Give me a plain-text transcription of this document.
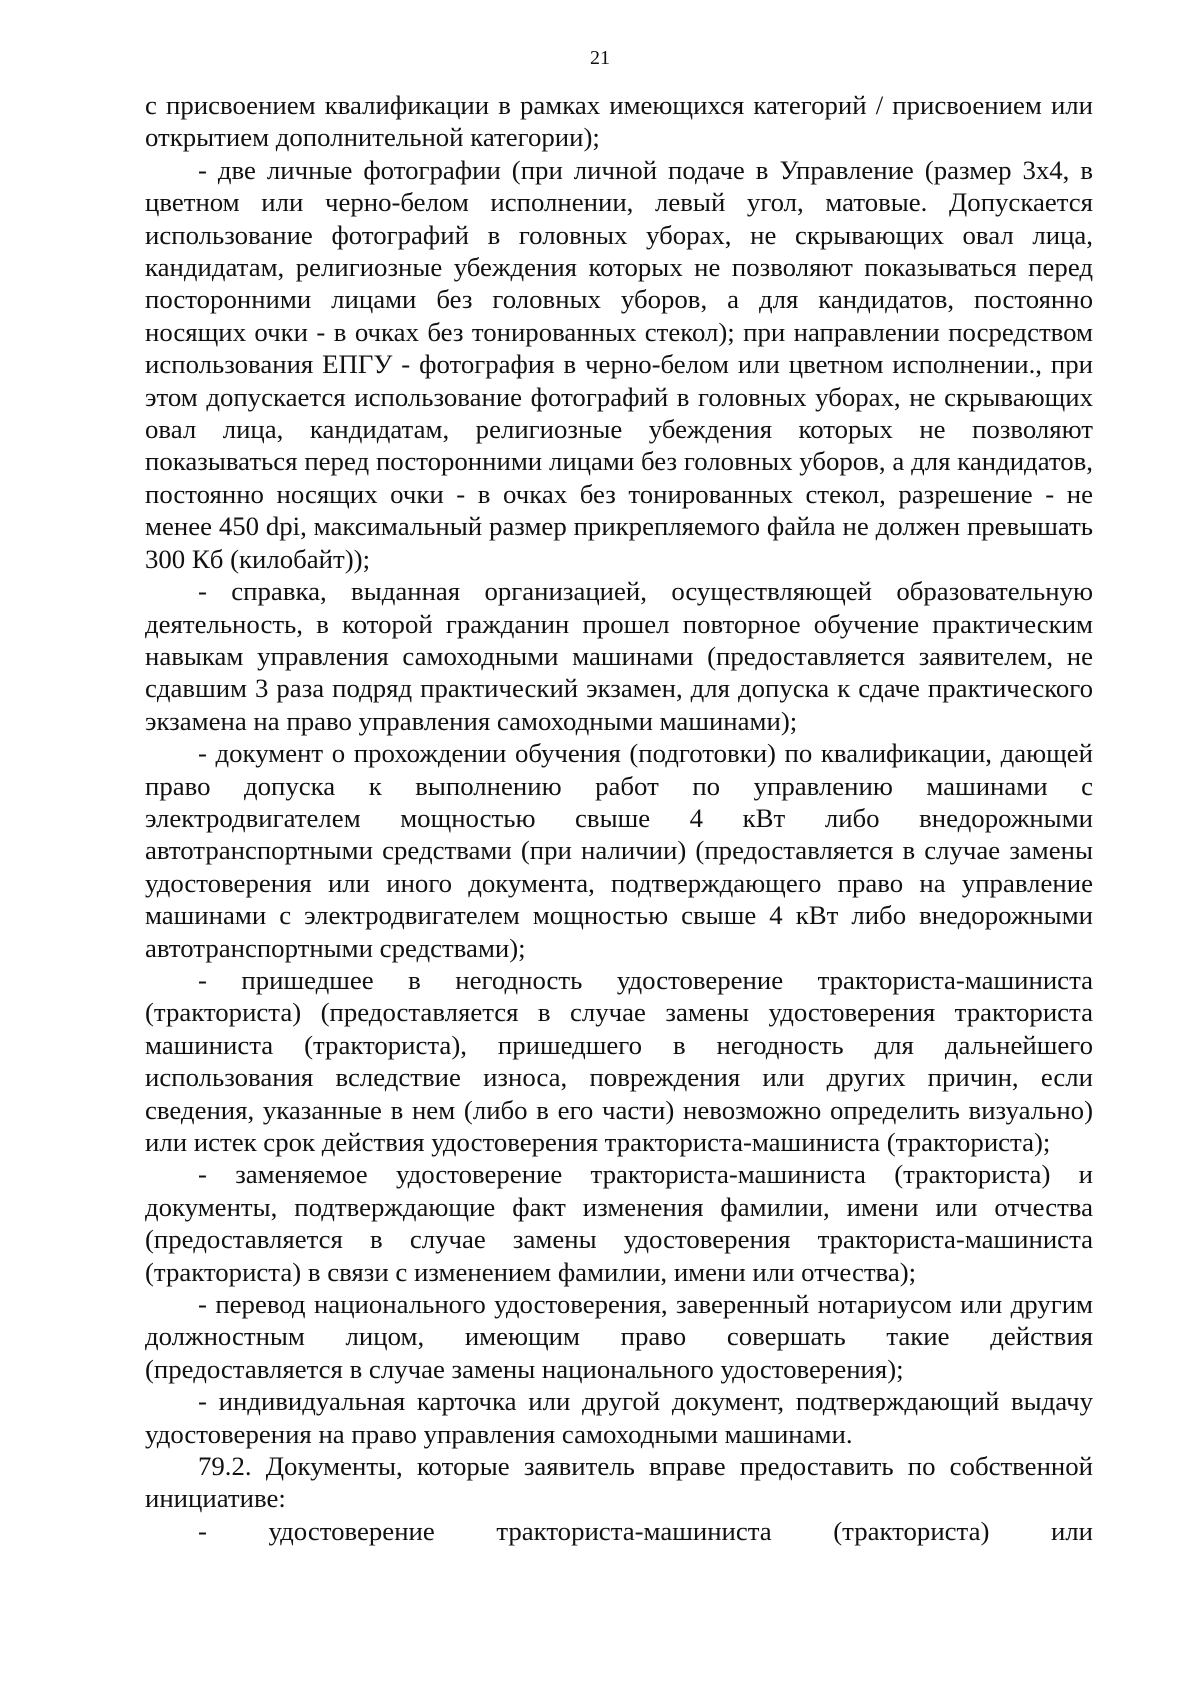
21

с присвоением квалификации в рамках имеющихся категорий / присвоением или открытием дополнительной категории);

- две личные фотографии (при личной подаче в Управление (размер 3x4, в цветном или черно-белом исполнении, левый угол, матовые. Допускается использование фотографий в головных уборах, не скрывающих овал лица, кандидатам, религиозные убеждения которых не позволяют показываться перед посторонними лицами без головных уборов, а для кандидатов, постоянно носящих очки - в очках без тонированных стекол); при направлении посредством использования ЕПГУ - фотография в черно-белом или цветном исполнении., при этом допускается использование фотографий в головных уборах, не скрывающих овал лица, кандидатам, религиозные убеждения которых не позволяют показываться перед посторонними лицами без головных уборов, а для кандидатов, постоянно носящих очки - в очках без тонированных стекол, разрешение - не менее 450 dpi, максимальный размер прикрепляемого файла не должен превышать 300 Кб (килобайт));

- справка, выданная организацией, осуществляющей образовательную деятельность, в которой гражданин прошел повторное обучение практическим навыкам управления самоходными машинами (предоставляется заявителем, не сдавшим 3 раза подряд практический экзамен, для допуска к сдаче практического экзамена на право управления самоходными машинами);

- документ о прохождении обучения (подготовки) по квалификации, дающей право допуска к выполнению работ по управлению машинами с электродвигателем мощностью свыше 4 кВт либо внедорожными автотранспортными средствами (при наличии) (предоставляется в случае замены удостоверения или иного документа, подтверждающего право на управление машинами с электродвигателем мощностью свыше 4 кВт либо внедорожными автотранспортными средствами);

- пришедшее в негодность удостоверение тракториста-машиниста (тракториста) (предоставляется в случае замены удостоверения тракториста машиниста (тракториста), пришедшего в негодность для дальнейшего использования вследствие износа, повреждения или других причин, если сведения, указанные в нем (либо в его части) невозможно определить визуально) или истек срок действия удостоверения тракториста-машиниста (тракториста);

- заменяемое удостоверение тракториста-машиниста (тракториста) и документы, подтверждающие факт изменения фамилии, имени или отчества (предоставляется в случае замены удостоверения тракториста-машиниста (тракториста) в связи с изменением фамилии, имени или отчества);

- перевод национального удостоверения, заверенный нотариусом или другим должностным лицом, имеющим право совершать такие действия (предоставляется в случае замены национального удостоверения);

- индивидуальная карточка или другой документ, подтверждающий выдачу удостоверения на право управления самоходными машинами.

79.2. Документы, которые заявитель вправе предоставить по собственной инициативе:

- удостоверение тракториста-машиниста (тракториста) или
